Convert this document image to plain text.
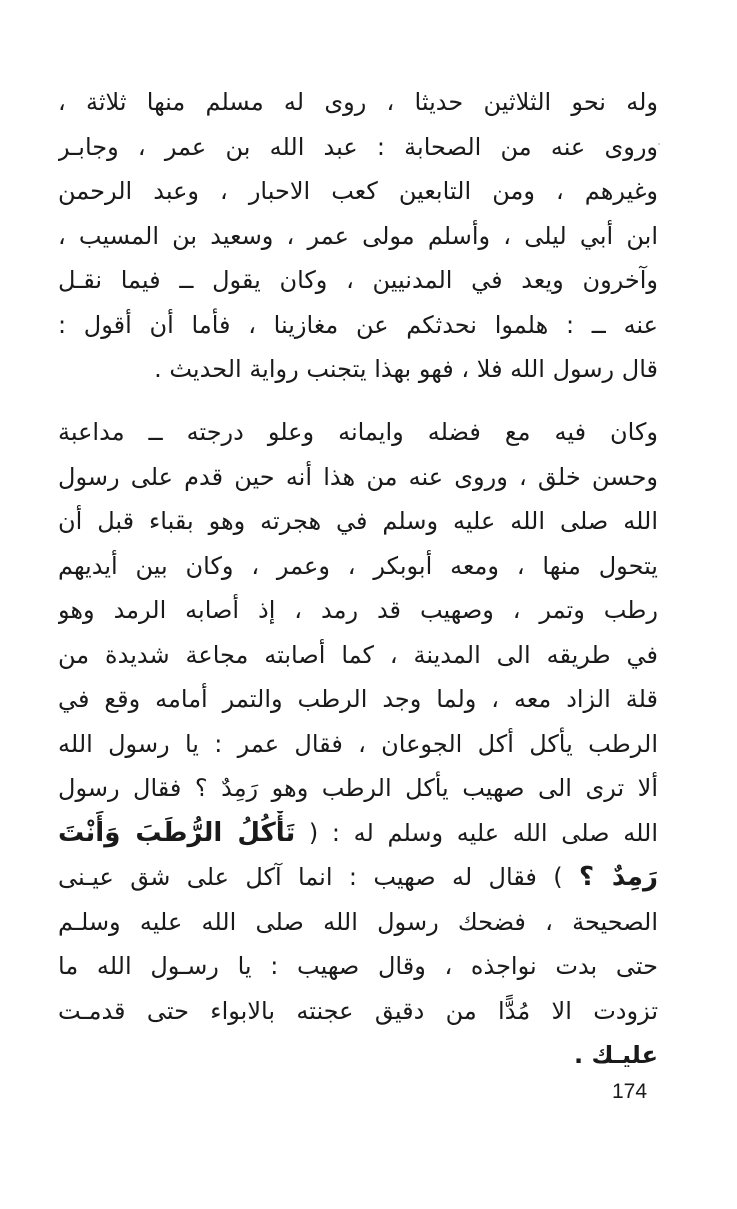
وله نحو الثلاثين حديثا ، روى له مسلم منها ثلاثة ،
وروى عنه من الصحابة : عبد الله بن عمر ، وجابـر
وغيرهم ، ومن التابعين كعب الاحبار ، وعبد الرحمن
ابن أبي ليلى ، وأسلم مولى عمر ، وسعيد بن المسيب ،
وآخرون ويعد في المدنيين ، وكان يقول ــ فيما نقـل
عنه ــ : هلموا نحدثكم عن مغازينا ، فأما أن أقول :
قال رسول الله فلا ، فهو بهذا يتجنب رواية الحديث .
وكان فيه مع فضله وايمانه وعلو درجته ــ مداعبة
وحسن خلق ، وروى عنه من هذا أنه حين قدم على رسول
الله صلى الله عليه وسلم في هجرته وهو بقباء قبل أن
يتحول منها ، ومعه أبوبكر ، وعمر ، وكان بين أيديهم
رطب وتمر ، وصهيب قد رمد ، إذ أصابه الرمد وهو
في طريقه الى المدينة ، كما أصابته مجاعة شديدة من
قلة الزاد معه ، ولما وجد الرطب والتمر أمامه وقع في
الرطب يأكل أكل الجوعان ، فقال عمر : يا رسول الله
ألا ترى الى صهيب يأكل الرطب وهو رَمِدٌ ؟ فقال رسول
الله صلى الله عليه وسلم له : ( تَأْكُلُ الرُّطَبَ وَأَنْتَ
رَمِدٌ ؟ ) فقال له صهيب : انما آكل على شق عيـنى
الصحيحة ، فضحك رسول الله صلى الله عليه وسلـم
حتى بدت نواجذه ، وقال صهيب : يا رسـول الله ما
تزودت الا مُدًّا من دقيق عجنته بالابواء حتى قدمـت
عليـك .
174
